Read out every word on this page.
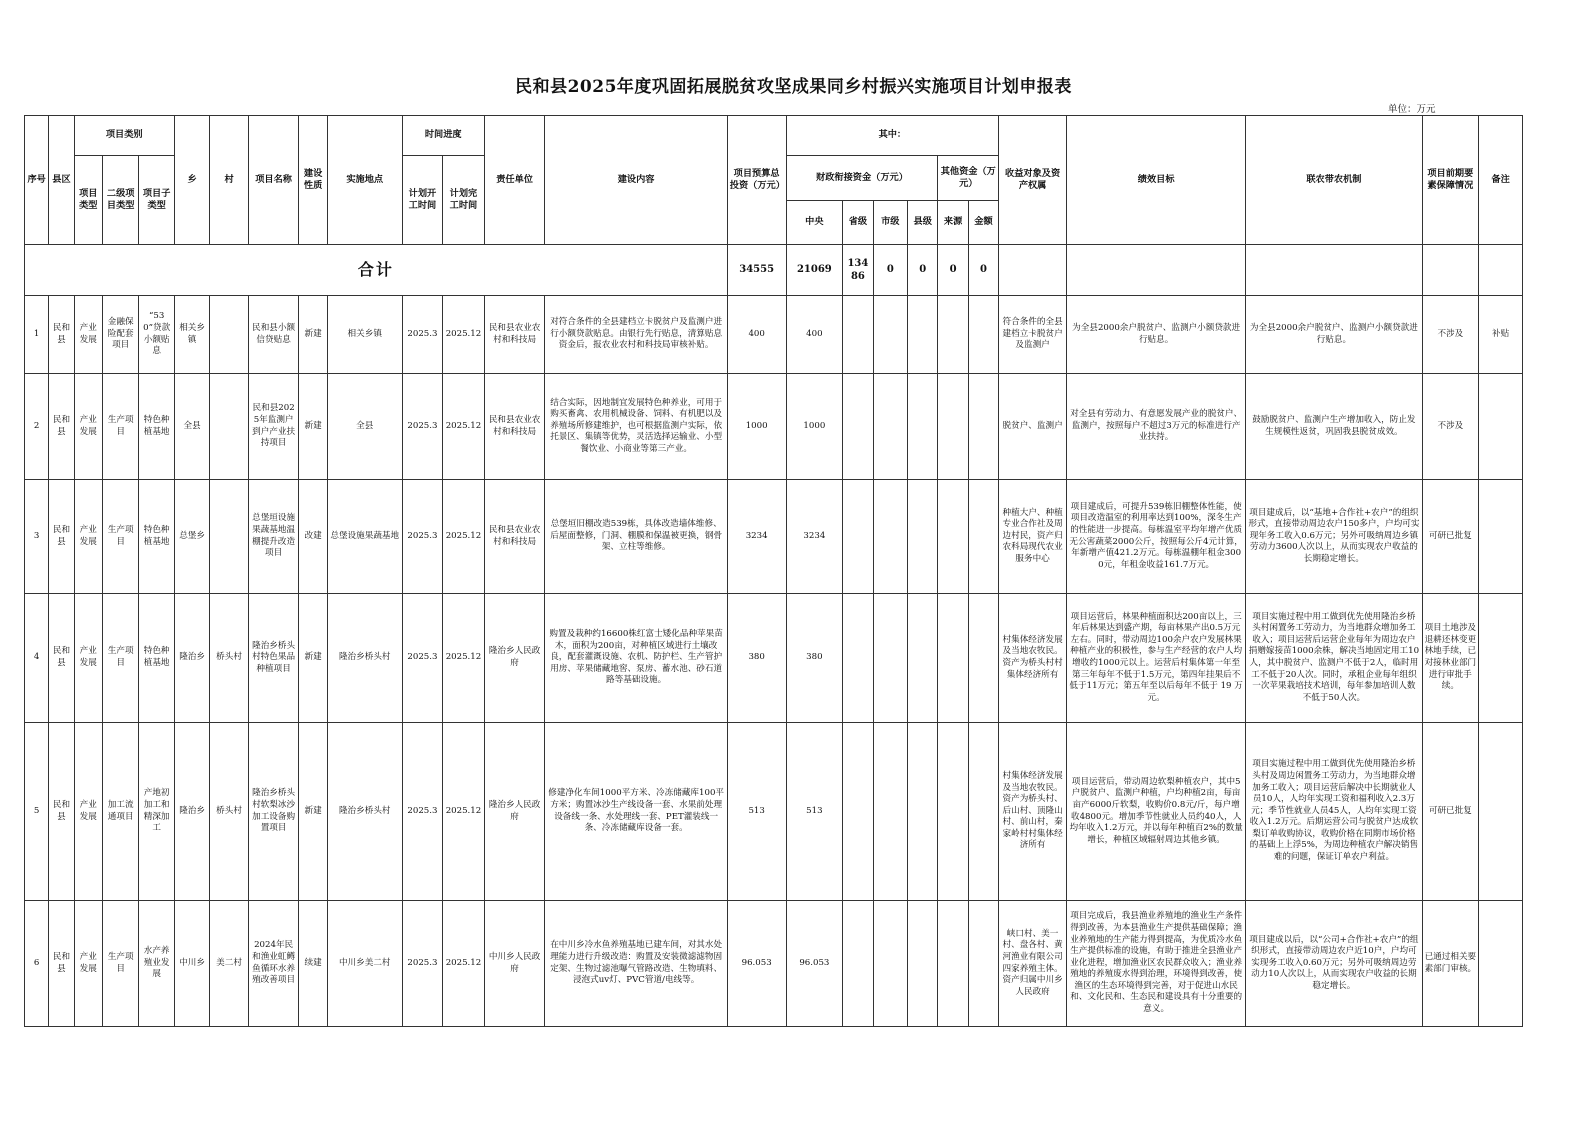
民和县2025年度巩固拓展脱贫攻坚成果同乡村振兴实施项目计划申报表
单位：万元
序号	县区	项目类别			乡	村	项目名称	建设性质	实施地点	时间进度		责任单位	建设内容	项目预算总投资（万元）	其中：						收益对象及资产权属	绩效目标	联农带农机制	项目前期要素保障情况	备注
		项目类型	二级项目类型	项目子类型						计划开工时间	计划完工时间				财政衔接资金（万元）				其他资金（万元）						
															中央	省级	市级	县级	来源	金额					
合计														34555	21069	13486	0	0	0	0					
1	民和县	产业发展	金融保险配套项目	“530”贷款小额贴息	相关乡镇		民和县小额信贷贴息	新建	相关乡镇	2025.3	2025.12	民和县农业农村和科技局	对符合条件的全县建档立卡脱贫户及监测户进行小额贷款贴息。由银行先行贴息，清算贴息资金后，报农业农村和科技局审核补贴。	400	400						符合条件的全县建档立卡脱贫户及监测户	为全县2000余户脱贫户、监测户小额贷款进行贴息。	为全县2000余户脱贫户、监测户小额贷款进行贴息。	不涉及	补贴
2	民和县	产业发展	生产项目	特色种植基地	全县		民和县2025年监测户到户产业扶持项目	新建	全县	2025.3	2025.12	民和县农业农村和科技局	结合实际，因地制宜发展特色种养业，可用于购买畜禽、农用机械设备、饲料、有机肥以及养殖场所修建维护，也可根据监测户实际，依托景区、集镇等优势，灵活选择运输业、小型餐饮业、小商业等第三产业。	1000	1000						脱贫户、监测户	对全县有劳动力、有意愿发展产业的脱贫户、监测户，按照每户不超过3万元的标准进行产业扶持。	鼓励脱贫户、监测户生产增加收入，防止发生规模性返贫，巩固我县脱贫成效。	不涉及	
3	民和县	产业发展	生产项目	特色种植基地	总堡乡		总堡垣设施果蔬基地温棚提升改造项目	改建	总堡设施果蔬基地	2025.3	2025.12	民和县农业农村和科技局	总堡垣旧棚改造539栋，具体改造墙体维修、后屋面整修，门洞、棚膜和保温被更换，钢骨架、立柱等维修。	3234	3234						种植大户、种植专业合作社及周边村民，资产归农科局现代农业服务中心	项目建成后，可提升539栋旧棚整体性能，使项目改造温室的利用率达到100%，深冬生产的性能进一步提高。每栋温室平均年增产优质无公害蔬菜2000公斤，按照每公斤4元计算，年新增产值421.2万元。每栋温棚年租金3000元，年租金收益161.7万元。	项目建成后，以“基地+合作社+农户”的组织形式，直接带动周边农户150多户，户均可实现年务工收入0.6万元；另外可吸纳周边乡镇劳动力3600人次以上，从而实现农户收益的长期稳定增长。	可研已批复	
4	民和县	产业发展	生产项目	特色种植基地	隆治乡	桥头村	隆治乡桥头村特色果品种植项目	新建	隆治乡桥头村	2025.3	2025.12	隆治乡人民政府	购置及栽种约16600株红富士矮化品种苹果苗木，面积为200亩，对种植区域进行土壤改良，配套灌溉设施、农机、防护栏、生产管护用房、苹果储藏地窖、泵房、蓄水池、砂石道路等基础设施。	380	380						村集体经济发展及当地农牧民。资产为桥头村村集体经济所有	项目运营后，林果种植面积达200亩以上，三年后林果达到盛产期，每亩林果产出0.5万元左右。同时，带动周边100余户农户发展林果种植产业的积极性，参与生产经营的农户人均增收约1000元以上。运营后村集体第一年至第三年每年不低于1.5万元，第四年挂果后不低于11万元；第五年至以后每年不低于 19 万元。	项目实施过程中用工做到优先使用隆治乡桥头村闲置务工劳动力，为当地群众增加务工收入；项目运营后运营企业每年为周边农户捐赠嫁接苗1000余株，解决当地固定用工10人，其中脱贫户、监测户不低于2人，临时用工不低于20人次。同时，承租企业每年组织一次苹果栽培技术培训，每年参加培训人数不低于50人次。	项目土地涉及退耕还林变更林地手续，已对接林业部门进行审批手续。	
5	民和县	产业发展	加工流通项目	产地初加工和精深加工	隆治乡	桥头村	隆治乡桥头村软梨冰沙加工设备购置项目	新建	隆治乡桥头村	2025.3	2025.12	隆治乡人民政府	修建净化车间1000平方米、冷冻储藏库100平方米；购置冰沙生产线设备一套、水果前处理设备线一条、水处理线一套、PET灌装线一条、冷冻储藏库设备一套。	513	513						村集体经济发展及当地农牧民。资产为桥头村、后山村、顶隆山村、前山村，秦家岭村村集体经济所有	项目运营后，带动周边软梨种植农户，其中5户脱贫户、监测户种植，户均种植2亩，每亩亩产6000斤软梨，收购价0.8元/斤，每户增收4800元。增加季节性就业人员约40人，人均年收入1.2万元，并以每年种植百2%的数量增长，种植区域辐射周边其他乡镇。	项目实施过程中用工做到优先使用隆治乡桥头村及周边闲置务工劳动力，为当地群众增加务工收入；项目运营后解决中长期就业人员10人，人均年实现工资和福利收入2.3万元；季节性就业人员45人，人均年实现工资收入1.2万元。后期运营公司与脱贫户达成软梨订单收购协议，收购价格在同期市场价格的基础上上浮5%，为周边种植农户解决销售难的问题，保证订单农户利益。	可研已批复	
6	民和县	产业发展	生产项目	水产养殖业发展	中川乡	美二村	2024年民和渔业虹鳟鱼循环水养殖改善项目	续建	中川乡美二村	2025.3	2025.12	中川乡人民政府	在中川乡冷水鱼养殖基地已建车间，对其水处理能力进行升级改造：购置及安装微滤滤物固定架、生物过滤池曝气管路改造、生物填料、浸泡式uv灯、PVC管道/电线等。	96.053	96.053						峡口村、美一村、盘各村、黄河渔业有限公司四家养殖主体。资产归属中川乡人民政府	项目完成后，我县渔业养殖地的渔业生产条件得到改善，为本县渔业生产提供基础保障；渔业养殖地的生产能力得到提高，为优质冷水鱼生产提供标准的设施，有助于推进全县渔业产业化进程，增加渔业区农民群众收入；渔业养殖地的养殖废水得到治理，环境得到改善，使渔区的生态环境得到完善，对于促进山水民和、文化民和、生态民和建设具有十分重要的意义。	项目建成以后，以“公司+合作社+农户”的组织形式，直接带动周边农户近10户，户均可实现务工收入0.60万元；另外可吸纳周边劳动力10人次以上，从而实现农户收益的长期稳定增长。	已通过相关要素部门审核。	
